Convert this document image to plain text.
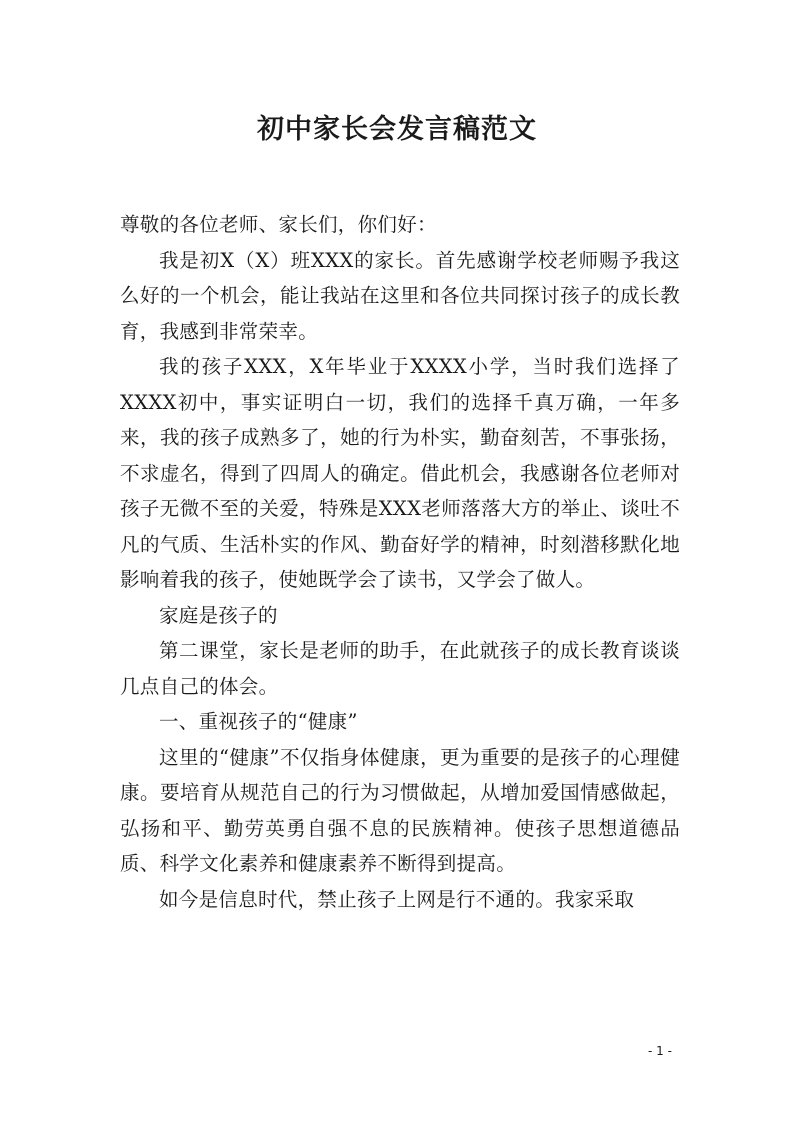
初中家长会发言稿范文

尊敬的各位老师、家长们，你们好：

我是初X（X）班XXX的家长。首先感谢学校老师赐予我这么好的一个机会，能让我站在这里和各位共同探讨孩子的成长教育，我感到非常荣幸。

我的孩子XXX，X年毕业于XXXX小学，当时我们选择了XXXX初中，事实证明白一切，我们的选择千真万确，一年多来，我的孩子成熟多了，她的行为朴实，勤奋刻苦，不事张扬，不求虚名，得到了四周人的确定。借此机会，我感谢各位老师对孩子无微不至的关爱，特殊是XXX老师落落大方的举止、谈吐不凡的气质、生活朴实的作风、勤奋好学的精神，时刻潜移默化地影响着我的孩子，使她既学会了读书，又学会了做人。

家庭是孩子的

第二课堂，家长是老师的助手，在此就孩子的成长教育谈谈几点自己的体会。

一、重视孩子的“健康”

这里的“健康”不仅指身体健康，更为重要的是孩子的心理健康。要培育从规范自己的行为习惯做起，从增加爱国情感做起，弘扬和平、勤劳英勇自强不息的民族精神。使孩子思想道德品质、科学文化素养和健康素养不断得到提高。

如今是信息时代，禁止孩子上网是行不通的。我家采取

- 1 -
